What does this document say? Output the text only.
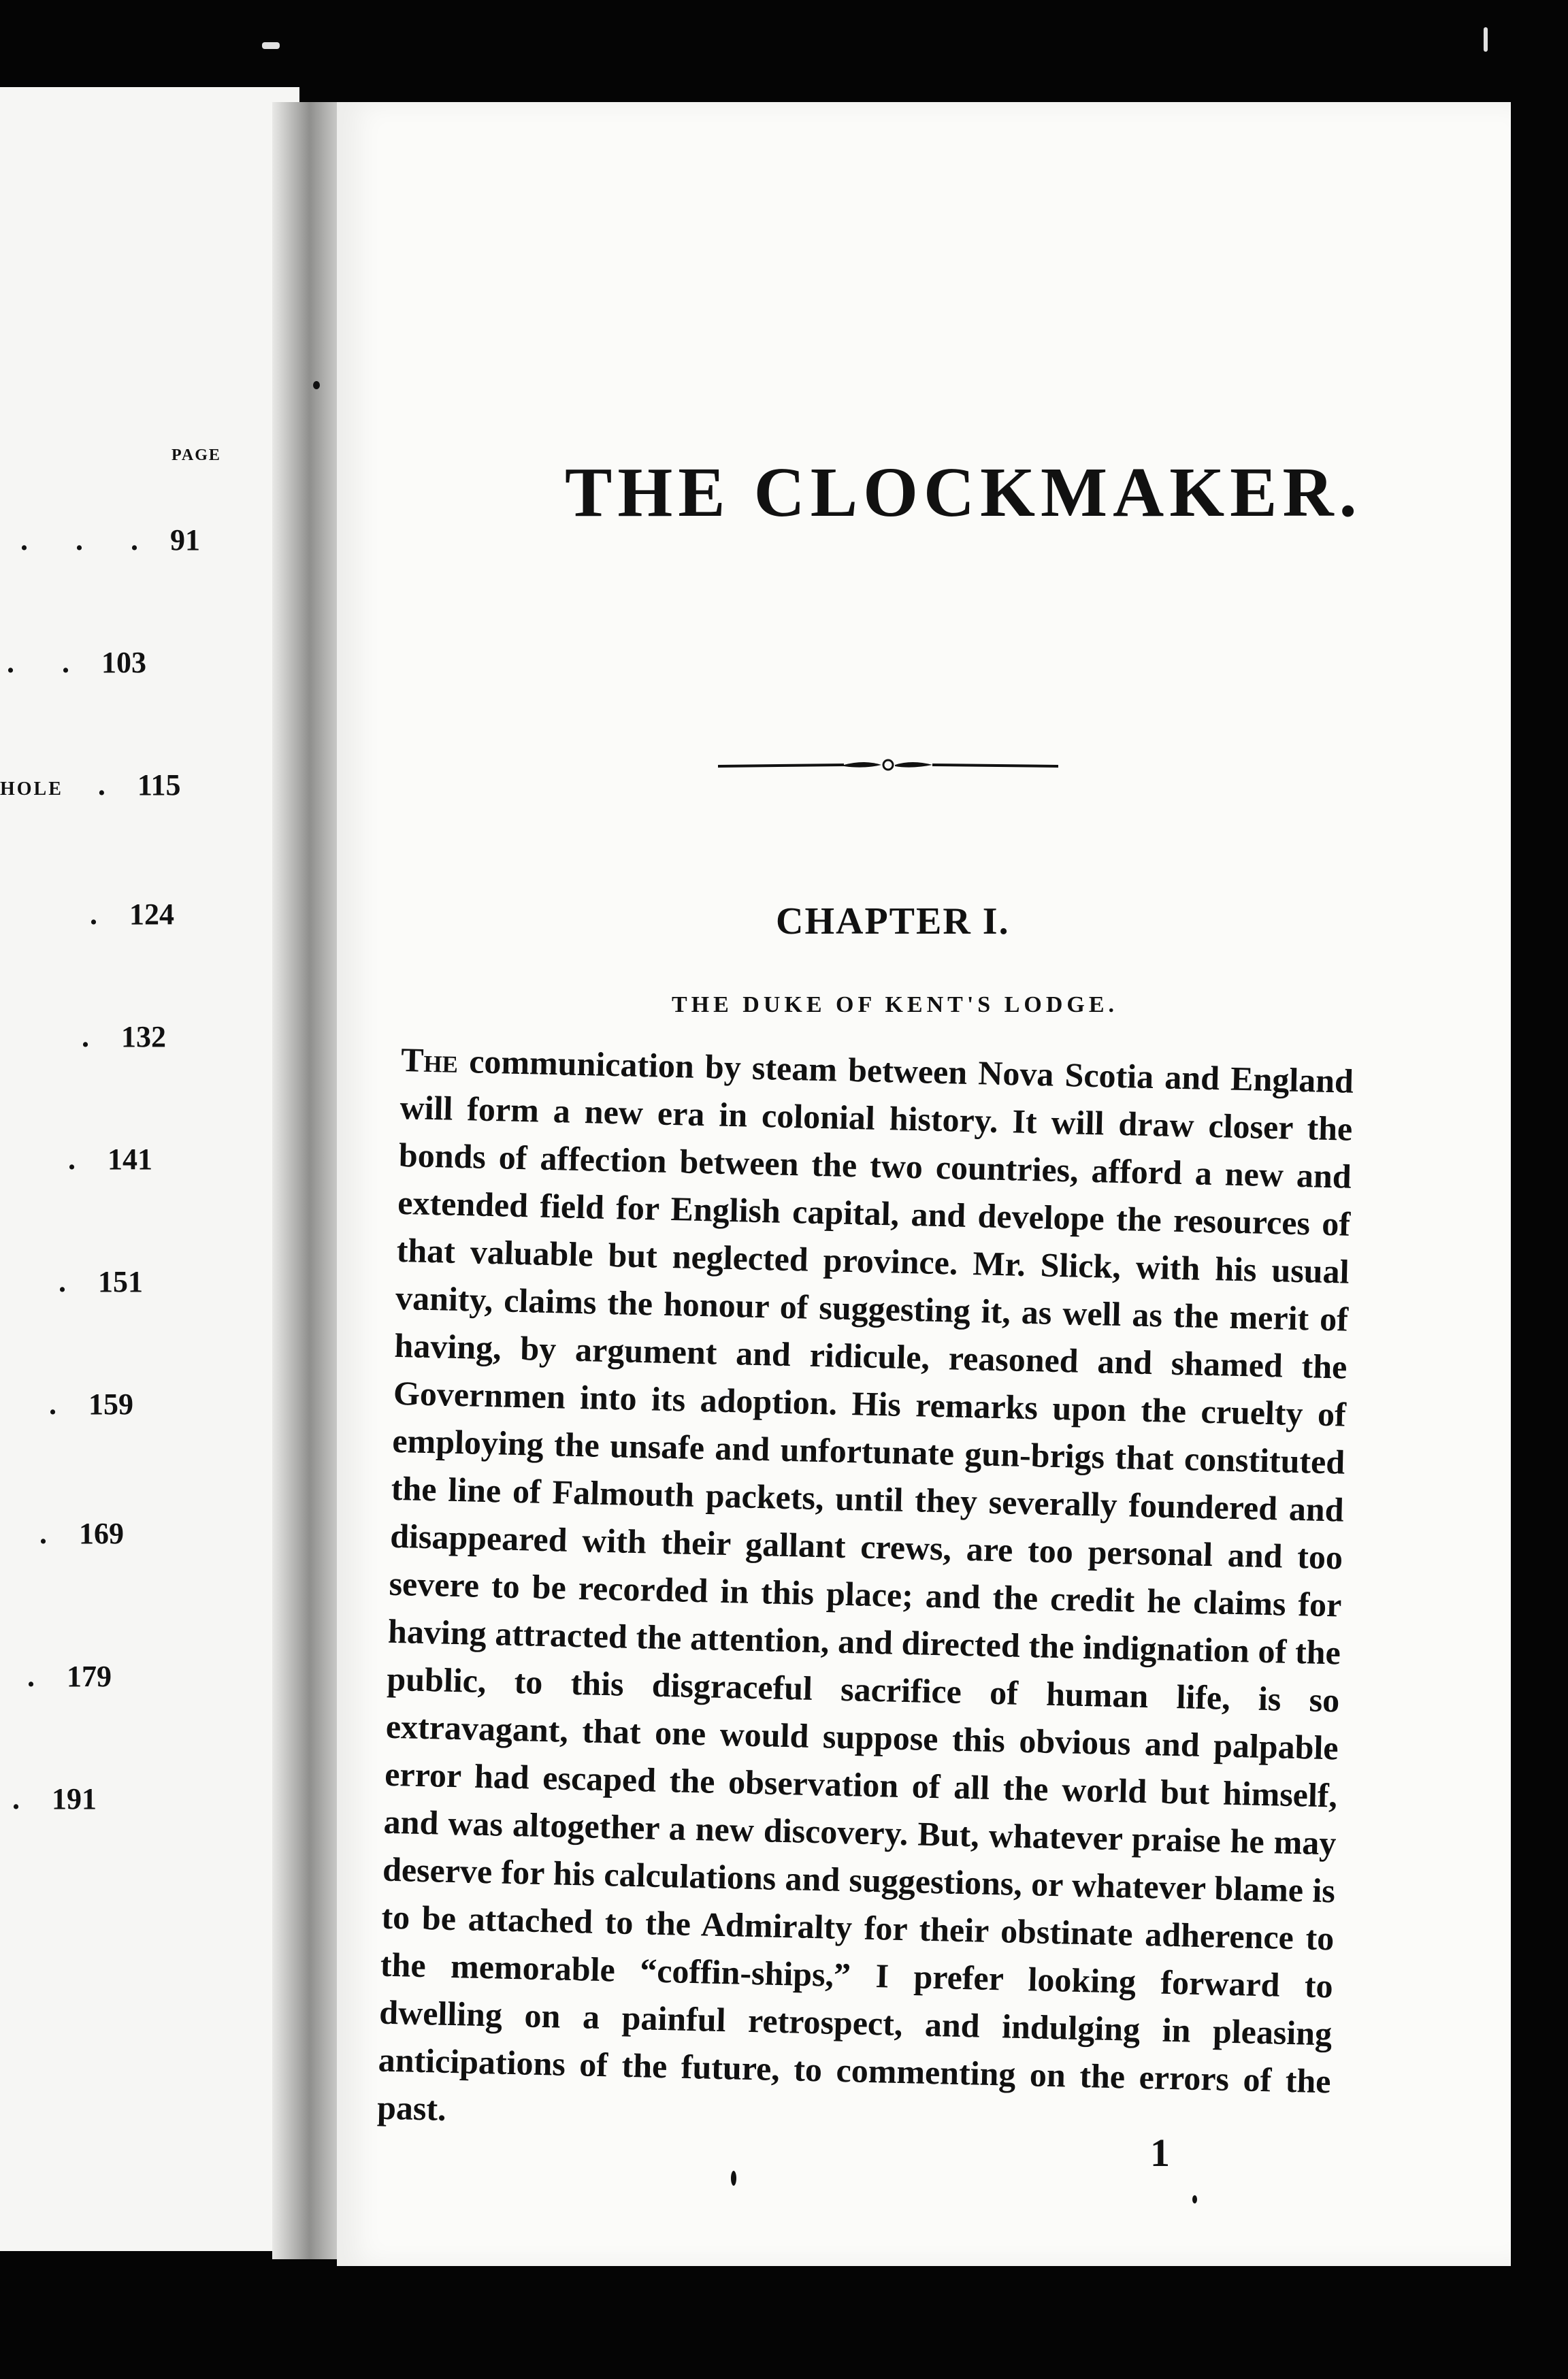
PAGE
. . . 91
. . 103
HOLE . 115
. 124
. 132
. 141
. 151
. 159
. 169
. 179
. 191
THE CLOCKMAKER.
CHAPTER I.
THE DUKE OF KENT'S LODGE.
The communication by steam between Nova Scotia and England will form a new era in colonial history. It will draw closer the bonds of affection between the two countries, afford a new and extended field for English capital, and develope the resources of that valuable but neglected province. Mr. Slick, with his usual vanity, claims the honour of suggesting it, as well as the merit of having, by argument and ridicule, reasoned and shamed the Governmen into its adoption. His remarks upon the cruelty of employing the unsafe and unfortunate gun-brigs that constituted the line of Falmouth packets, until they severally foundered and disappeared with their gallant crews, are too personal and too severe to be recorded in this place; and the credit he claims for having attracted the attention, and directed the indignation of the public, to this disgraceful sacrifice of human life, is so extravagant, that one would suppose this obvious and palpable error had escaped the observation of all the world but himself, and was altogether a new discovery. But, whatever praise he may deserve for his calculations and suggestions, or whatever blame is to be attached to the Admiralty for their obstinate adherence to the memorable “coffin-ships,” I prefer looking forward to dwelling on a painful retrospect, and indulging in pleasing anticipations of the future, to commenting on the errors of the past.
1
